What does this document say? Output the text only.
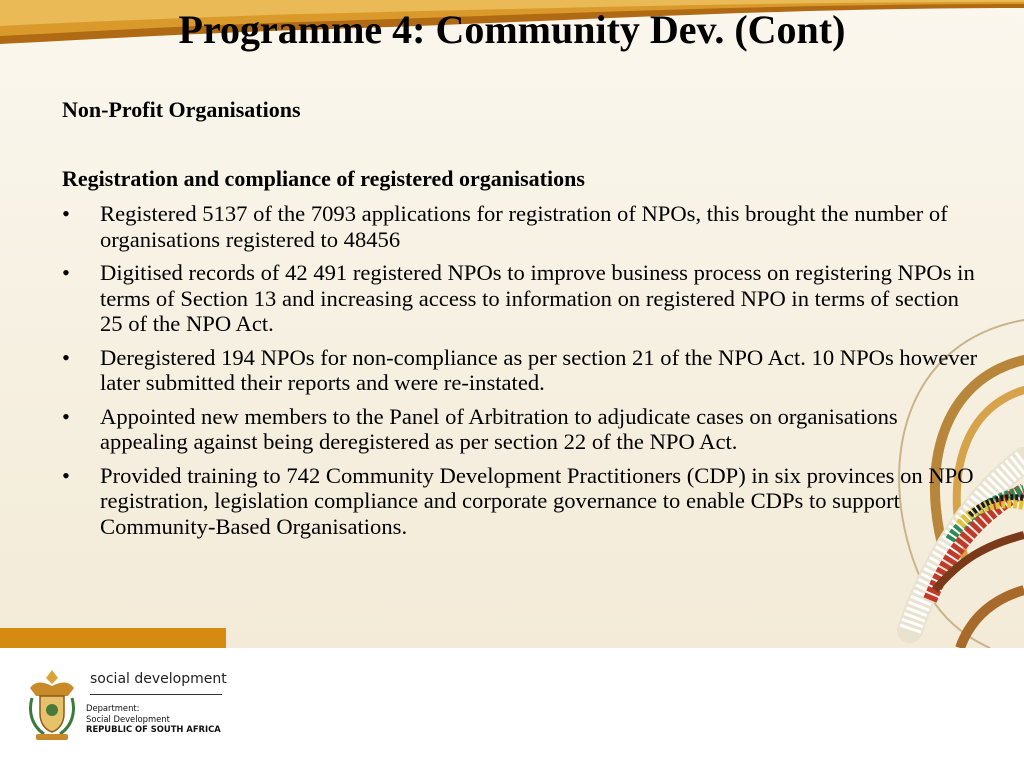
Programme 4: Community Dev. (Cont)

Non-Profit Organisations

Registration and compliance of registered organisations

• Registered 5137 of the 7093 applications for registration of NPOs, this brought the number of organisations registered to 48456
• Digitised records of 42 491 registered NPOs to improve business process on registering NPOs in terms of Section 13 and increasing access to information on registered NPO in terms of section 25 of the NPO Act.
• Deregistered 194 NPOs for non-compliance as per section 21 of the NPO Act. 10 NPOs however later submitted their reports and were re-instated.
• Appointed new members to the Panel of Arbitration to adjudicate cases on organisations appealing against being deregistered as per section 22 of the NPO Act.
• Provided training to 742 Community Development Practitioners (CDP) in six provinces on NPO registration, legislation compliance and corporate governance to enable CDPs to support Community-Based Organisations.

social development

Department:
Social Development
REPUBLIC OF SOUTH AFRICA
